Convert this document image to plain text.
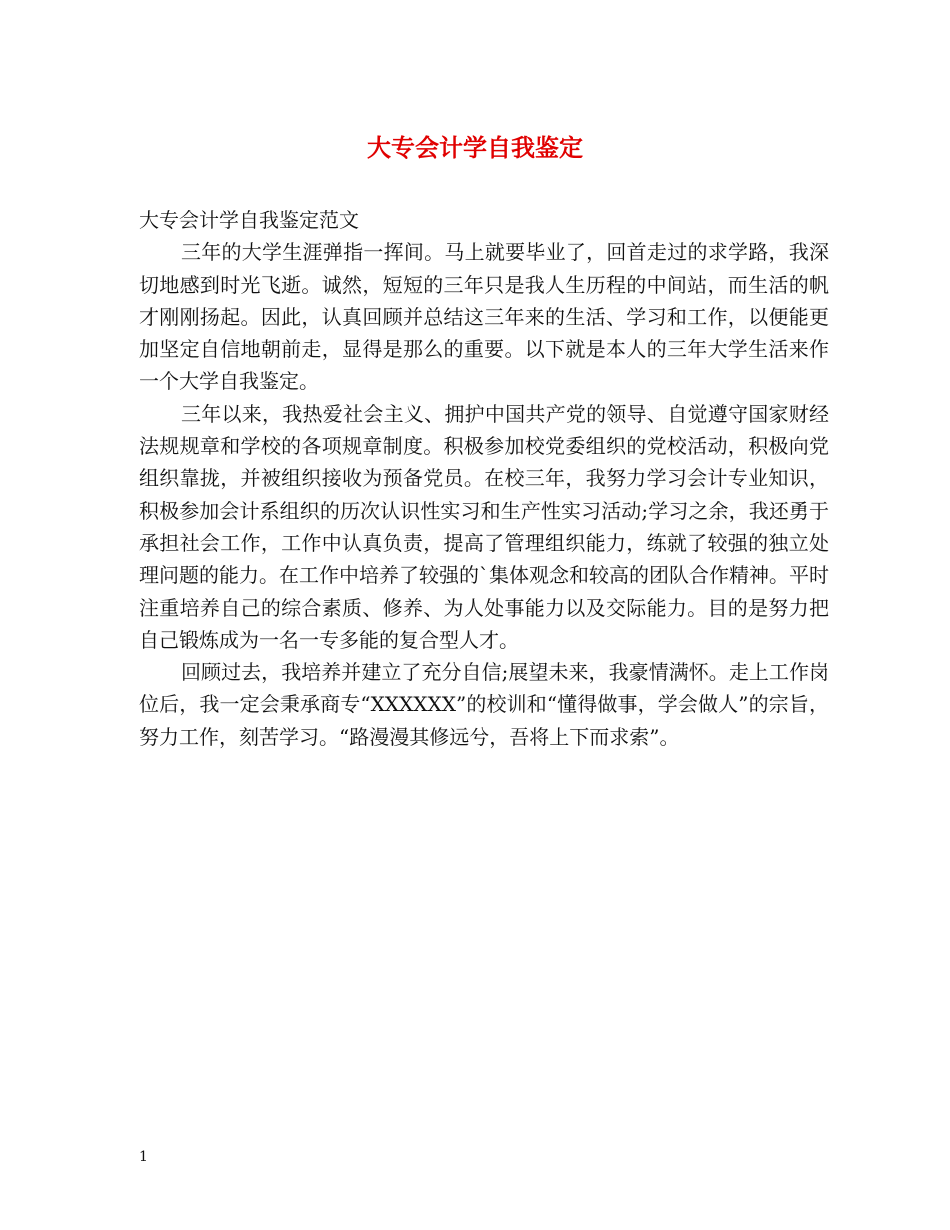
大专会计学自我鉴定

大专会计学自我鉴定范文

三年的大学生涯弹指一挥间。马上就要毕业了，回首走过的求学路，我深切地感到时光飞逝。诚然，短短的三年只是我人生历程的中间站，而生活的帆才刚刚扬起。因此，认真回顾并总结这三年来的生活、学习和工作，以便能更加坚定自信地朝前走，显得是那么的重要。以下就是本人的三年大学生活来作一个大学自我鉴定。

三年以来，我热爱社会主义、拥护中国共产党的领导、自觉遵守国家财经法规规章和学校的各项规章制度。积极参加校党委组织的党校活动，积极向党组织靠拢，并被组织接收为预备党员。在校三年，我努力学习会计专业知识，积极参加会计系组织的历次认识性实习和生产性实习活动;学习之余，我还勇于承担社会工作，工作中认真负责，提高了管理组织能力，练就了较强的独立处理问题的能力。在工作中培养了较强的`集体观念和较高的团队合作精神。平时注重培养自己的综合素质、修养、为人处事能力以及交际能力。目的是努力把自己锻炼成为一名一专多能的复合型人才。

回顾过去，我培养并建立了充分自信;展望未来，我豪情满怀。走上工作岗位后，我一定会秉承商专“XXXXXX”的校训和“懂得做事，学会做人”的宗旨，努力工作，刻苦学习。“路漫漫其修远兮，吾将上下而求索”。

1
